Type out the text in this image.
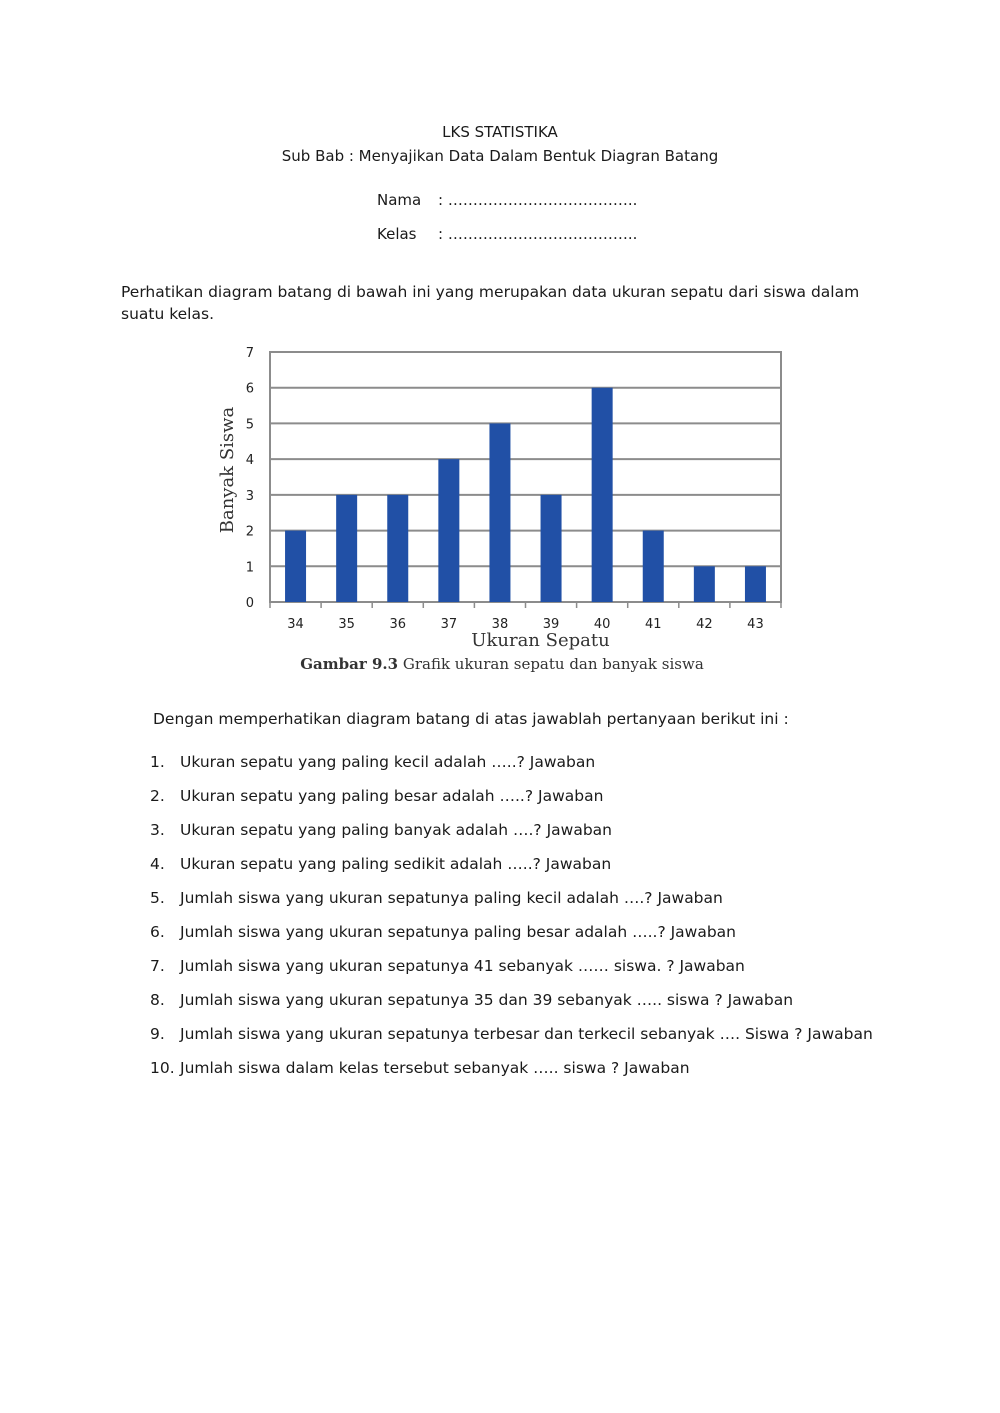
LKS STATISTIKA
Sub Bab : Menyajikan Data Dalam Bentuk Diagran Batang
Nama : ………………………………..
Kelas : ………………………………..
Perhatikan diagram batang di bawah ini yang merupakan data ukuran sepatu dari siswa dalam suatu kelas.
0
1
2
3
4
5
6
7
34	35	36	37	38	39	40	41	42	43
Ukuran Sepatu
Banyak Siswa
Gambar 9.3 Grafik ukuran sepatu dan banyak siswa
Dengan memperhatikan diagram batang di atas jawablah pertanyaan berikut ini :
1. Ukuran sepatu yang paling kecil adalah …..? Jawaban
2. Ukuran sepatu yang paling besar adalah …..? Jawaban
3. Ukuran sepatu yang paling banyak adalah ….? Jawaban
4. Ukuran sepatu yang paling sedikit adalah …..? Jawaban
5. Jumlah siswa yang ukuran sepatunya paling kecil adalah ….? Jawaban
6. Jumlah siswa yang ukuran sepatunya paling besar adalah …..? Jawaban
7. Jumlah siswa yang ukuran sepatunya 41 sebanyak …… siswa. ? Jawaban
8. Jumlah siswa yang ukuran sepatunya 35 dan 39 sebanyak ….. siswa ? Jawaban
9. Jumlah siswa yang ukuran sepatunya terbesar dan terkecil sebanyak …. Siswa ? Jawaban
10. Jumlah siswa dalam kelas tersebut sebanyak ….. siswa ? Jawaban
